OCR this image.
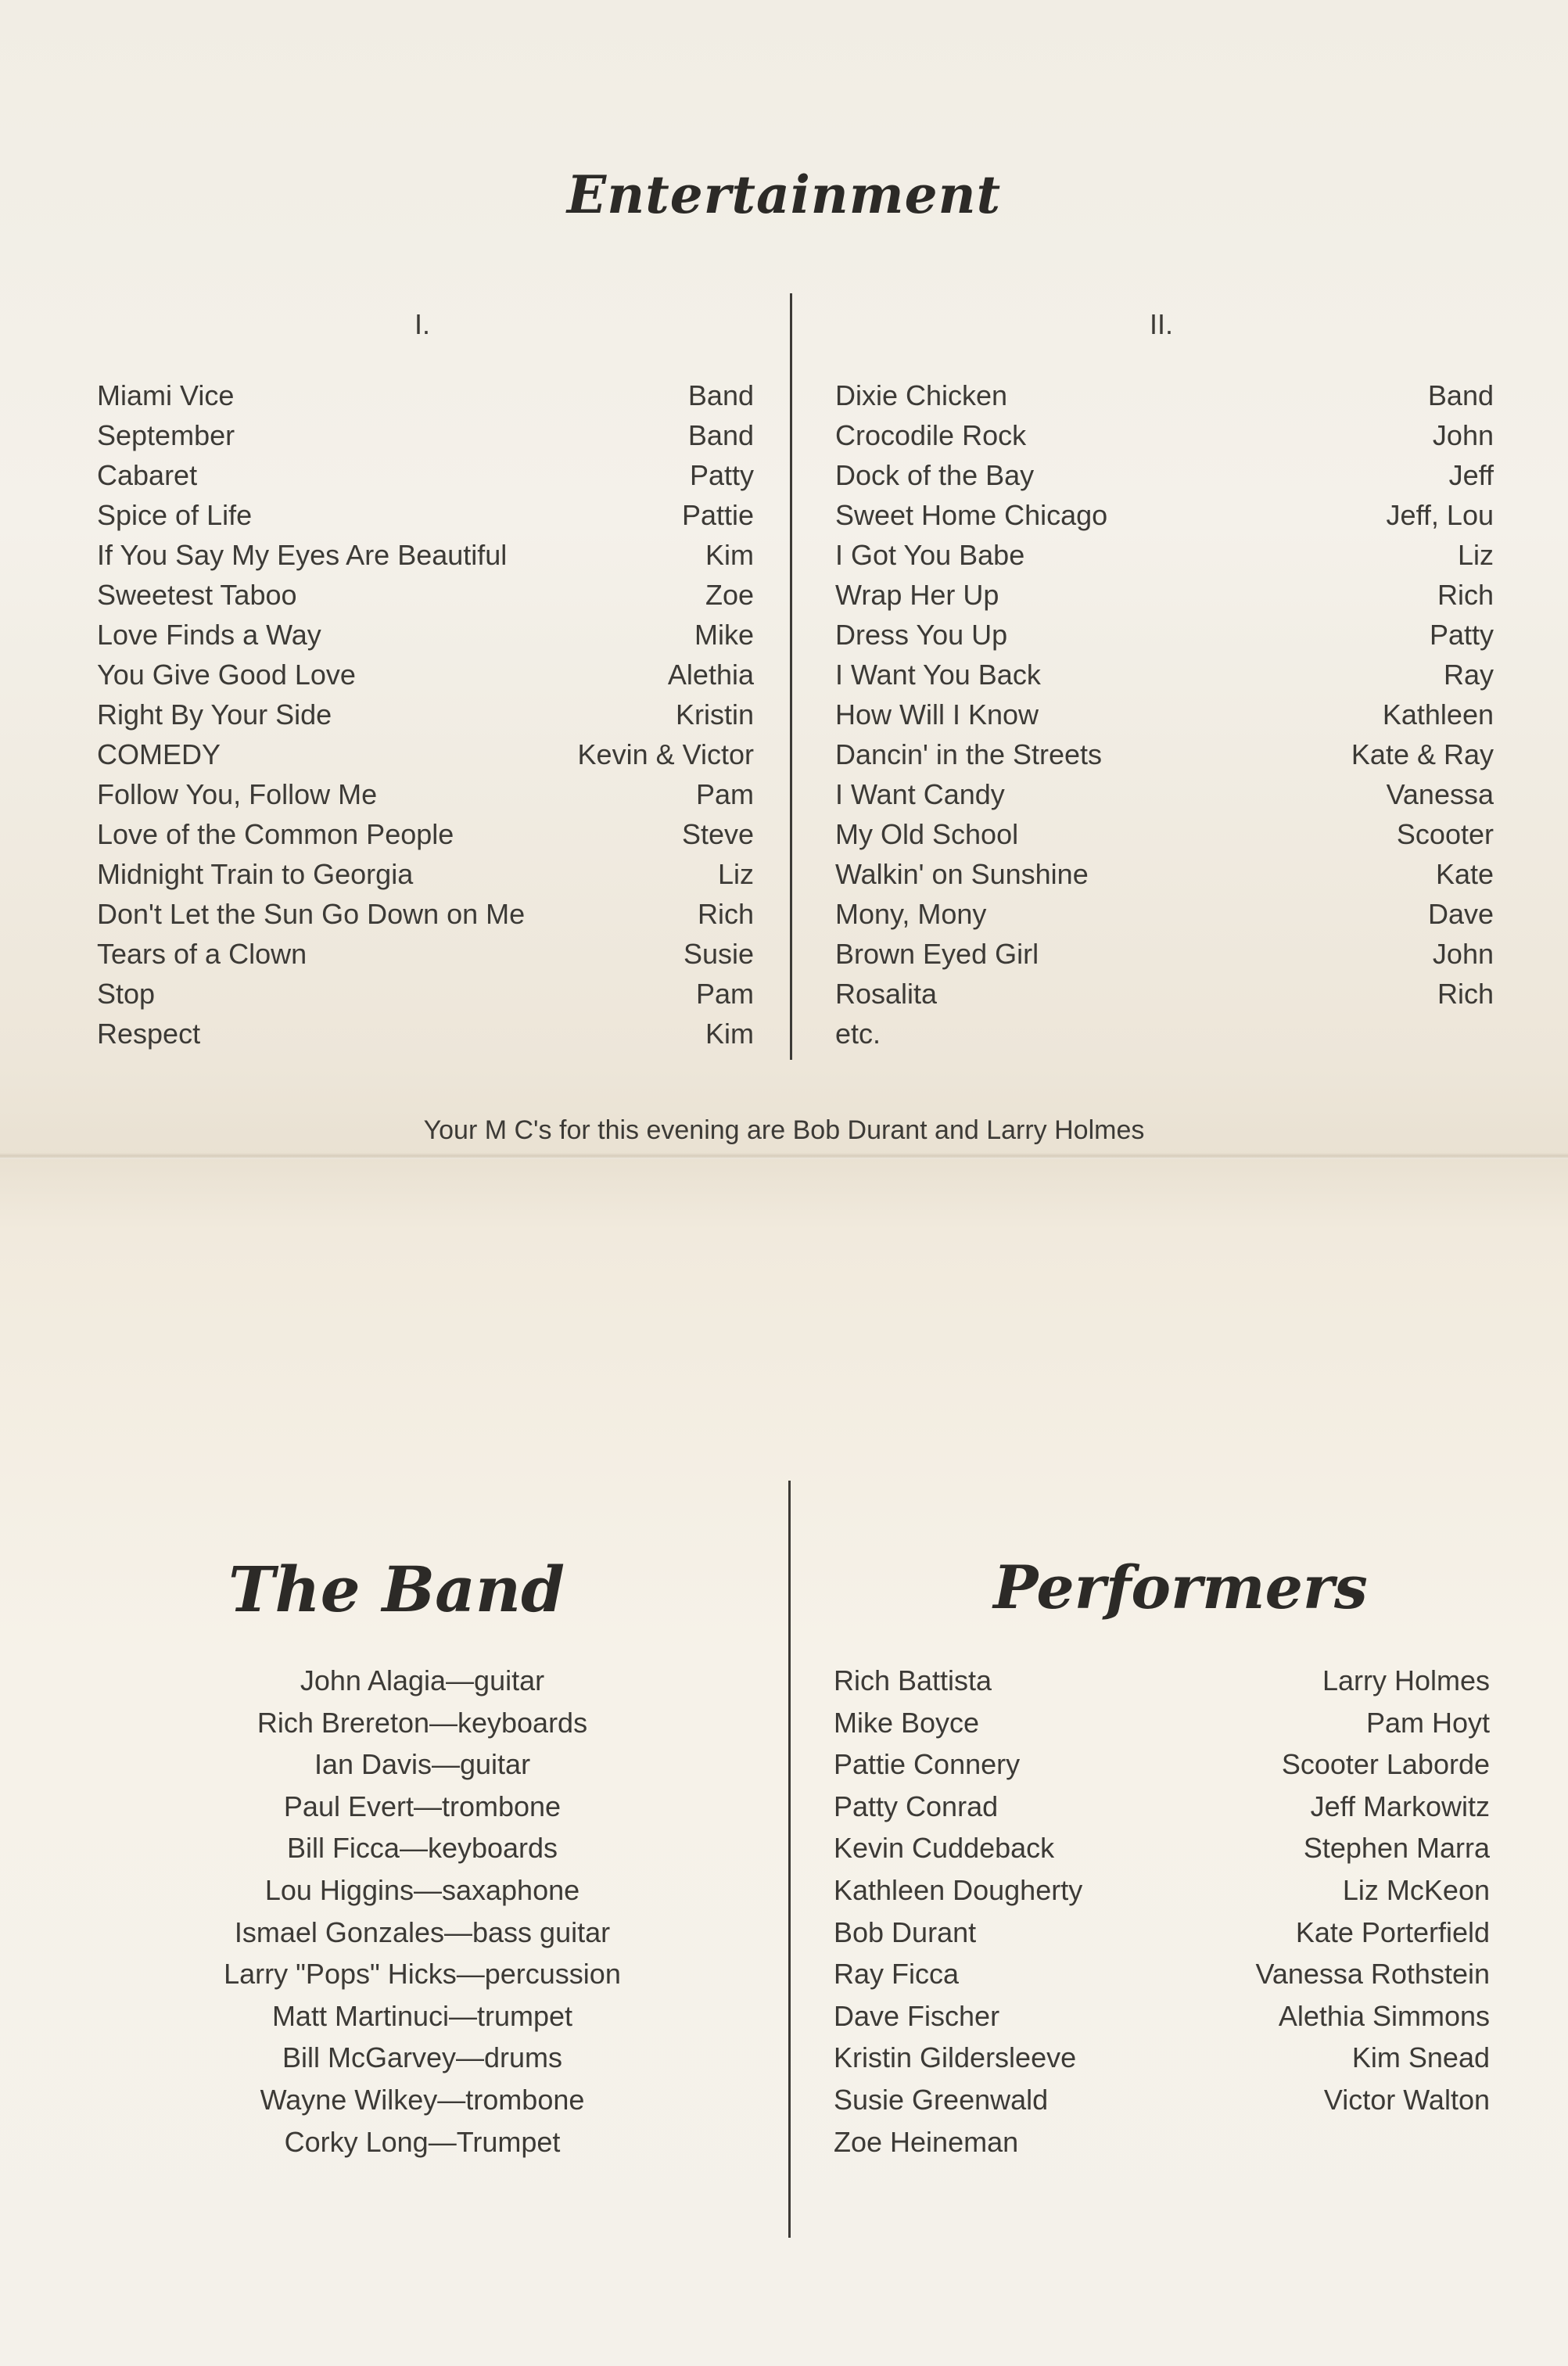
Entertainment
I.	II.
Miami Vice	Band
September	Band
Cabaret	Patty
Spice of Life	Pattie
If You Say My Eyes Are Beautiful	Kim
Sweetest Taboo	Zoe
Love Finds a Way	Mike
You Give Good Love	Alethia
Right By Your Side	Kristin
COMEDY	Kevin & Victor
Follow You, Follow Me	Pam
Love of the Common People	Steve
Midnight Train to Georgia	Liz
Don't Let the Sun Go Down on Me	Rich
Tears of a Clown	Susie
Stop	Pam
Respect	Kim
Dixie Chicken	Band
Crocodile Rock	John
Dock of the Bay	Jeff
Sweet Home Chicago	Jeff, Lou
I Got You Babe	Liz
Wrap Her Up	Rich
Dress You Up	Patty
I Want You Back	Ray
How Will I Know	Kathleen
Dancin' in the Streets	Kate & Ray
I Want Candy	Vanessa
My Old School	Scooter
Walkin' on Sunshine	Kate
Mony, Mony	Dave
Brown Eyed Girl	John
Rosalita	Rich
etc.
Your M C's for this evening are Bob Durant and Larry Holmes
The Band	Performers
John Alagia—guitar
Rich Brereton—keyboards
Ian Davis—guitar
Paul Evert—trombone
Bill Ficca—keyboards
Lou Higgins—saxaphone
Ismael Gonzales—bass guitar
Larry "Pops" Hicks—percussion
Matt Martinuci—trumpet
Bill McGarvey—drums
Wayne Wilkey—trombone
Corky Long—Trumpet
Rich Battista
Mike Boyce
Pattie Connery
Patty Conrad
Kevin Cuddeback
Kathleen Dougherty
Bob Durant
Ray Ficca
Dave Fischer
Kristin Gildersleeve
Susie Greenwald
Zoe Heineman
Larry Holmes
Pam Hoyt
Scooter Laborde
Jeff Markowitz
Stephen Marra
Liz McKeon
Kate Porterfield
Vanessa Rothstein
Alethia Simmons
Kim Snead
Victor Walton
